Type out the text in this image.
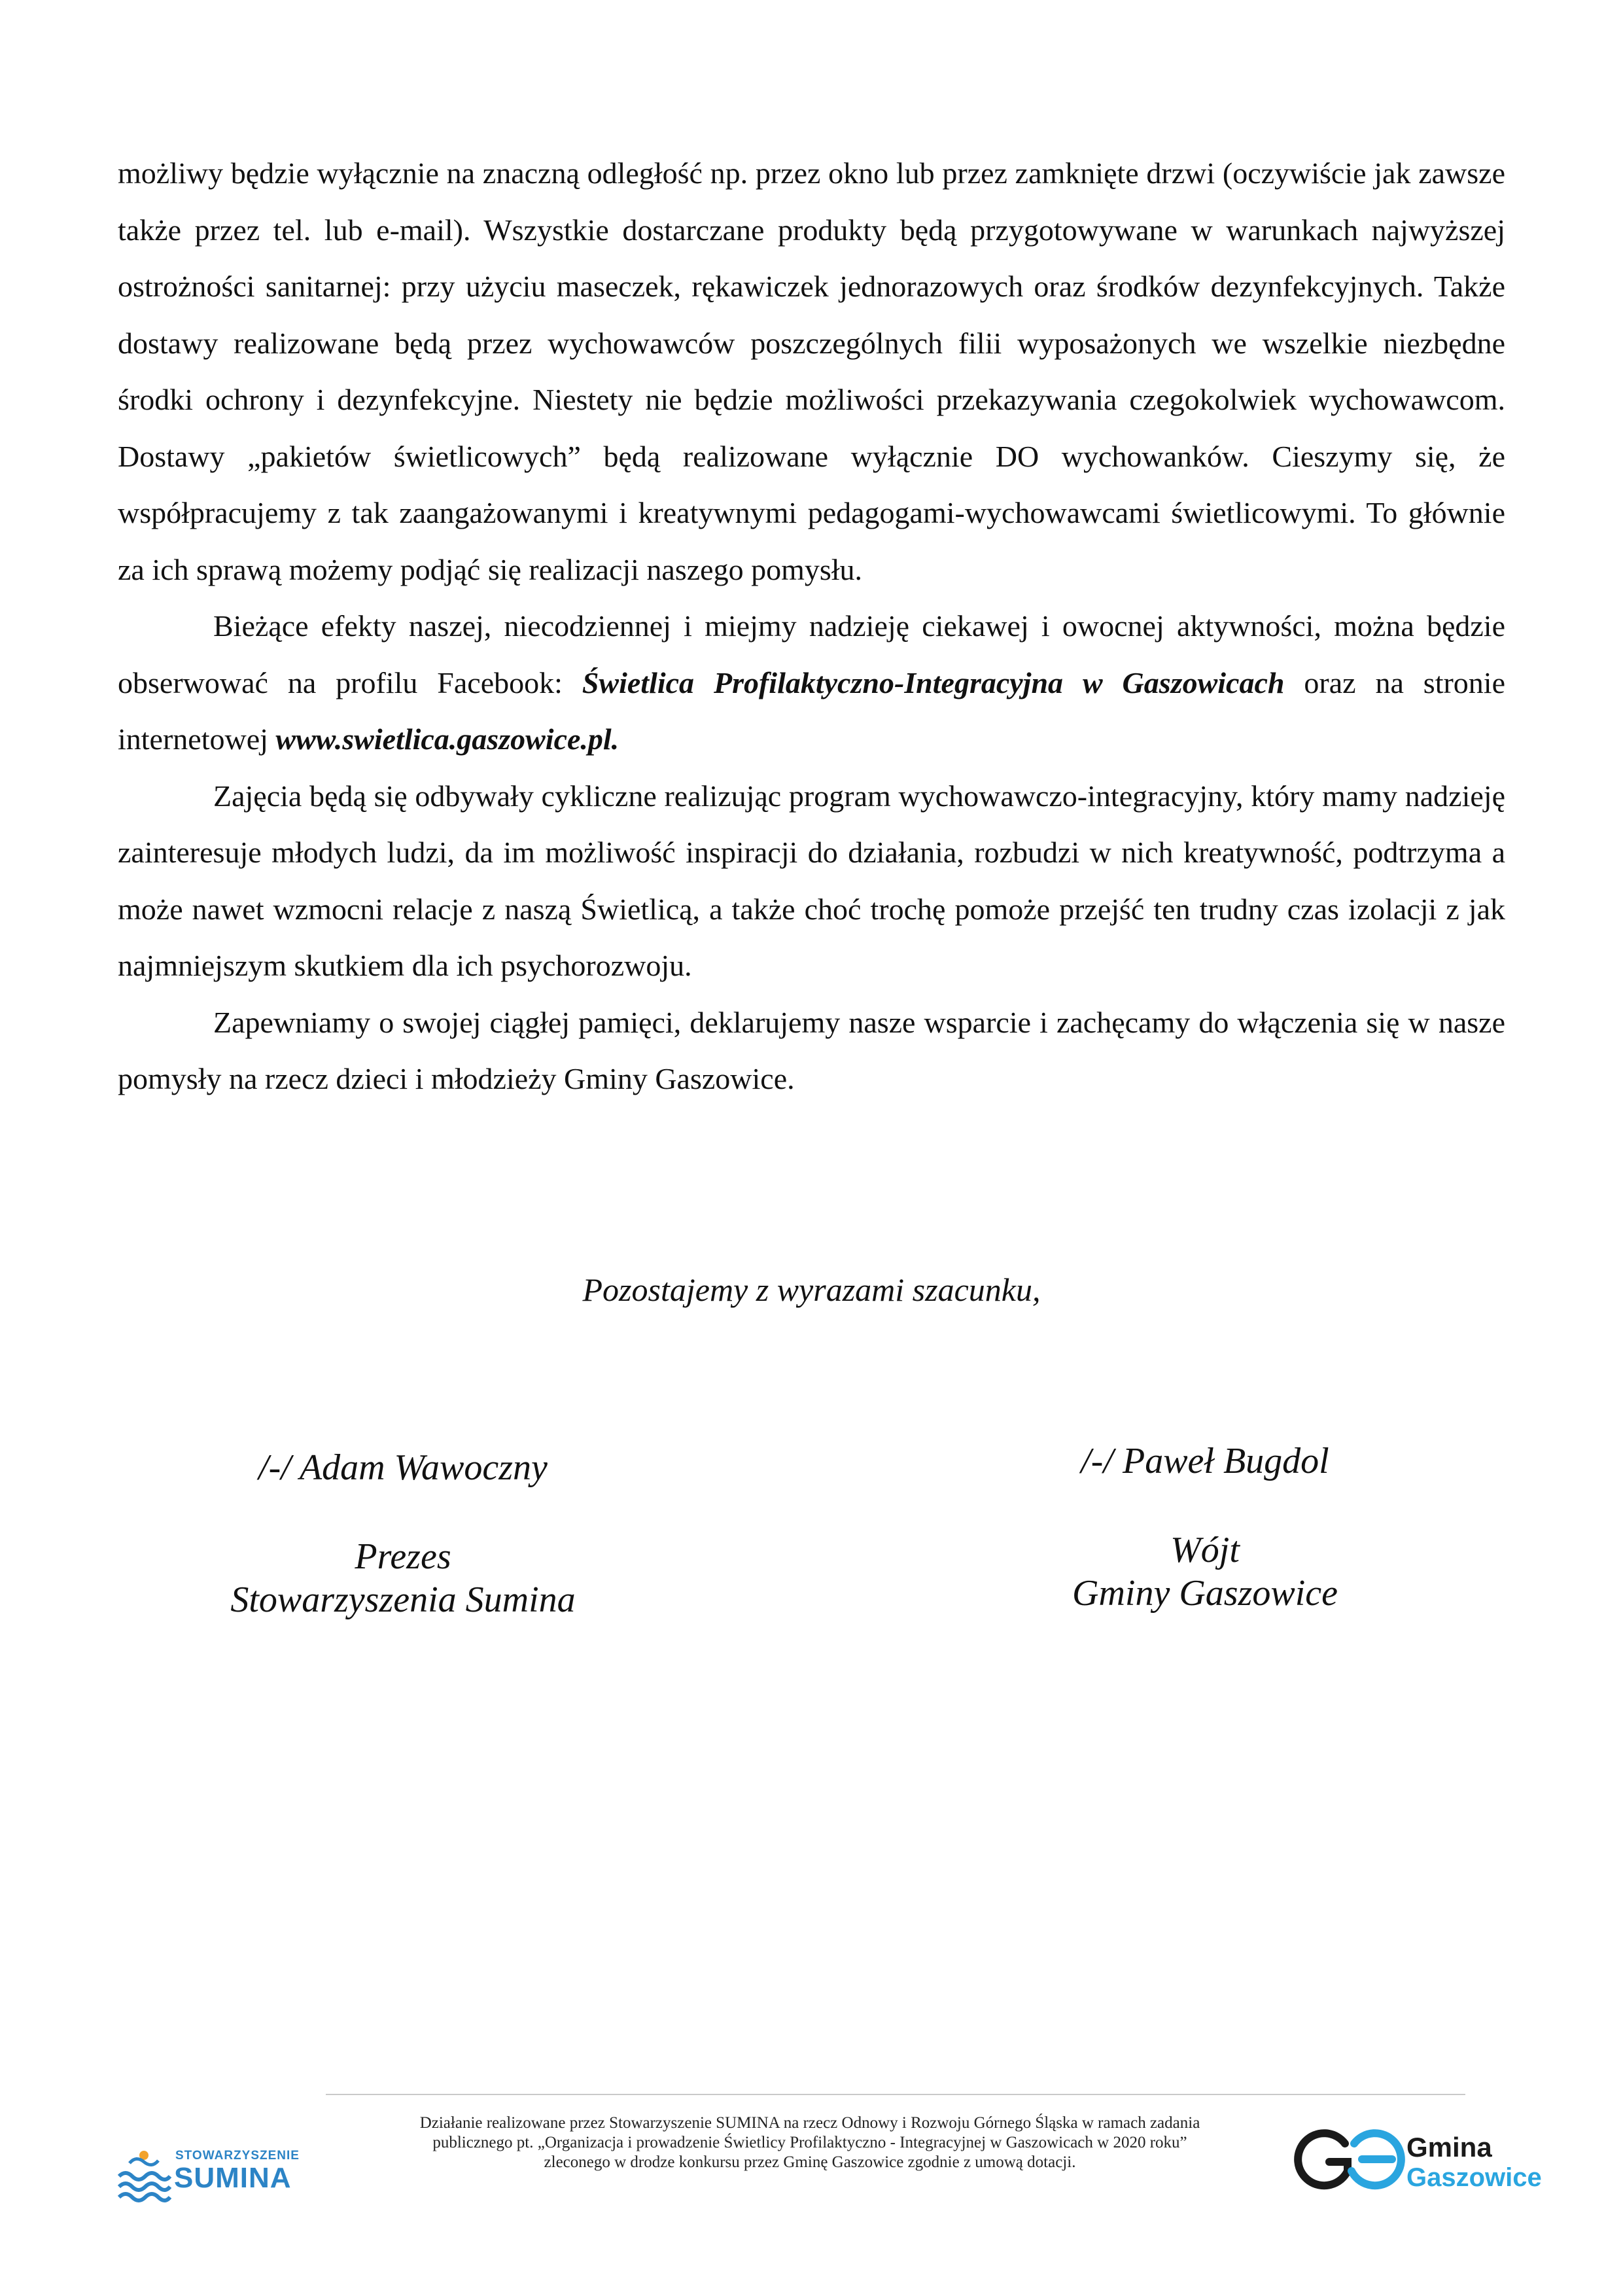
możliwy będzie wyłącznie na znaczną odległość np. przez okno lub przez zamknięte drzwi (oczywiście jak zawsze także przez tel. lub e-mail). Wszystkie dostarczane produkty będą przygotowywane w warunkach najwyższej ostrożności sanitarnej: przy użyciu maseczek, rękawiczek jednorazowych oraz środków dezynfekcyjnych. Także dostawy realizowane będą przez wychowawców poszczególnych filii wyposażonych we wszelkie niezbędne środki ochrony i dezynfekcyjne. Niestety nie będzie możliwości przekazywania czegokolwiek wychowawcom. Dostawy „pakietów świetlicowych” będą realizowane wyłącznie DO wychowanków. Cieszymy się, że współpracujemy z tak zaangażowanymi i kreatywnymi pedagogami-wychowawcami świetlicowymi. To głównie za ich sprawą możemy podjąć się realizacji naszego pomysłu.

Bieżące efekty naszej, niecodziennej i miejmy nadzieję ciekawej i owocnej aktywności, można będzie obserwować na profilu Facebook: Świetlica Profilaktyczno-Integracyjna w Gaszowicach oraz na stronie internetowej www.swietlica.gaszowice.pl.

Zajęcia będą się odbywały cykliczne realizując program wychowawczo-integracyjny, który mamy nadzieję zainteresuje młodych ludzi, da im możliwość inspiracji do działania, rozbudzi w nich kreatywność, podtrzyma a może nawet wzmocni relacje z naszą Świetlicą, a także choć trochę pomoże przejść ten trudny czas izolacji z jak najmniejszym skutkiem dla ich psychorozwoju.

Zapewniamy o swojej ciągłej pamięci, deklarujemy nasze wsparcie i zachęcamy do włączenia się w nasze pomysły na rzecz dzieci i młodzieży Gminy Gaszowice.

Pozostajemy z wyrazami szacunku,
/-/ Adam Wawoczny
Prezes
Stowarzyszenia Sumina
/-/ Paweł Bugdol
Wójt
Gminy Gaszowice
Działanie realizowane przez Stowarzyszenie SUMINA na rzecz Odnowy i Rozwoju Górnego Śląska w ramach zadania
publicznego pt. „Organizacja i prowadzenie Świetlicy Profilaktyczno - Integracyjnej w Gaszowicach w 2020 roku”
zleconego w drodze konkursu przez Gminę Gaszowice zgodnie z umową dotacji.
STOWARZYSZENIE
SUMINA
Gmina
Gaszowice
